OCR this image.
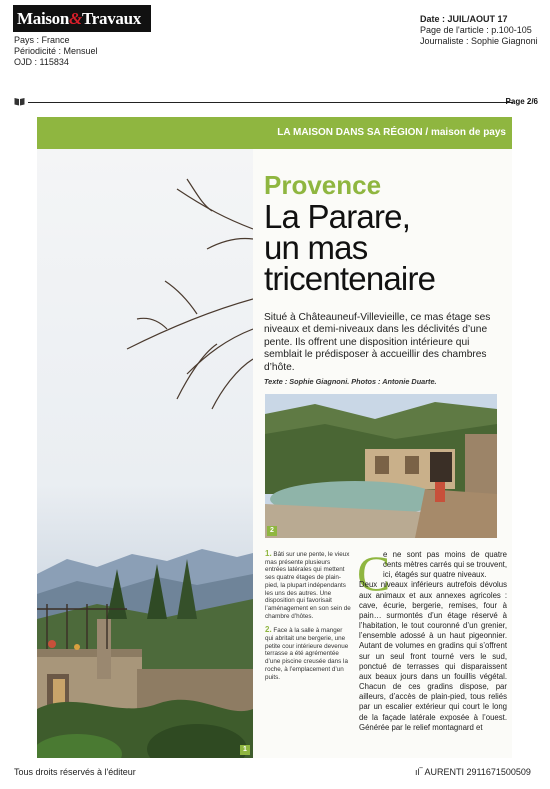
Maison&Travaux
Pays : France
Périodicité : Mensuel
OJD : 115834
Date : JUIL/AOUT 17
Page de l'article : p.100-105
Journaliste : Sophie Giagnoni
Page 2/6
LA MAISON DANS SA RÉGION / maison de pays
1
Provence
La Parare,
un mas
tricentenaire
Situé à Châteauneuf-Villevieille, ce mas étage ses niveaux et demi-niveaux dans les déclivités d’une pente. Ils offrent une disposition intérieure qui semblait le prédisposer à accueillir des chambres d’hôte.
Texte : Sophie Giagnoni. Photos : Antonie Duarte.
2
1. Bâti sur une pente, le vieux mas présente plusieurs entrées latérales qui mettent ses quatre étages de plain-pied, la plupart indépendants les uns des autres. Une disposition qui favorisait l’aménagement en son sein de chambre d’hôtes.
2. Face à la salle à manger qui abritait une bergerie, une petite cour intérieure devenue terrasse a été agrémentée d’une piscine creusée dans la roche, à l’emplacement d’un puits.
C
e ne sont pas moins de quatre cents mètres carrés qui se trouvent, ici, étagés sur quatre niveaux.
Deux niveaux inférieurs autrefois dévolus aux animaux et aux annexes agricoles : cave, écurie, bergerie, remises, four à pain… surmontés d’un étage réservé à l’habitation, le tout couronné d’un grenier, l’ensemble adossé à un haut pigeonnier. Autant de volumes en gradins qui s’offrent sur un seul front tourné vers le sud, ponctué de terrasses qui disparaissent aux beaux jours dans un fouillis végétal. Chacun de ces gradins dispose, par ailleurs, d’accès de plain-pied, tous reliés par un escalier extérieur qui court le long de la façade latérale exposée à l’ouest. Générée par le relief montagnard et
Tous droits réservés à l'éditeur	ıl‾ AURENTI 2911671500509
